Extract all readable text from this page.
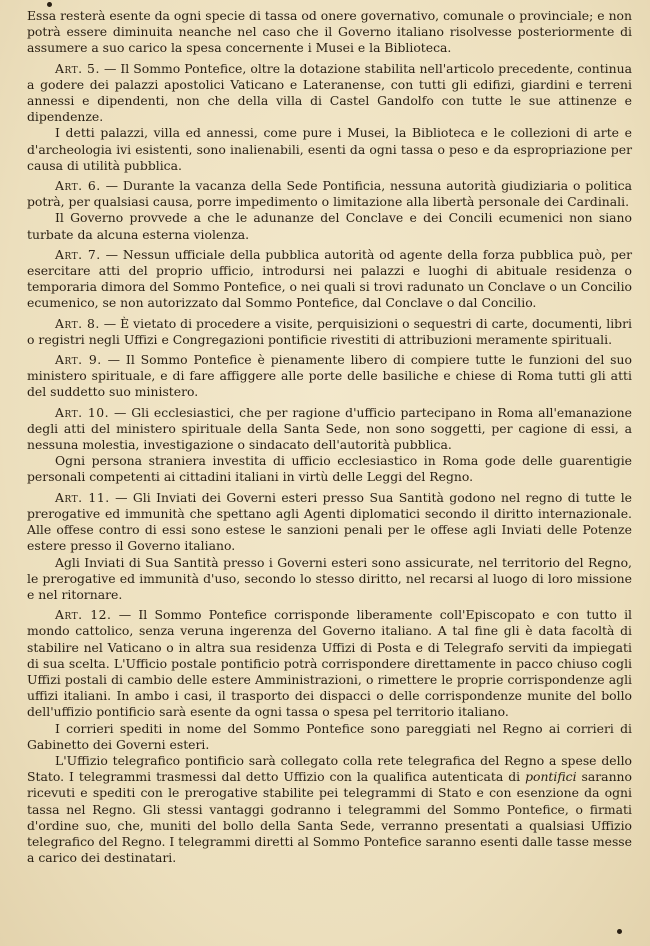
Essa resterà esente da ogni specie di tassa od onere governativo, comunale o provinciale; e non potrà essere diminuita neanche nel caso che il Governo italiano risolvesse posteriormente di assumere a suo carico la spesa concernente i Musei e la Biblioteca.

Art. 5. — Il Sommo Pontefice, oltre la dotazione stabilita nell'articolo precedente, continua a godere dei palazzi apostolici Vaticano e Lateranense, con tutti gli edifizi, giardini e terreni annessi e dipendenti, non che della villa di Castel Gandolfo con tutte le sue attinenze e dipendenze.

I detti palazzi, villa ed annessi, come pure i Musei, la Biblioteca e le collezioni di arte e d'archeologia ivi esistenti, sono inalienabili, esenti da ogni tassa o peso e da espropriazione per causa di utilità pubblica.

Art. 6. — Durante la vacanza della Sede Pontificia, nessuna autorità giudiziaria o politica potrà, per qualsiasi causa, porre impedimento o limitazione alla libertà personale dei Cardinali.

Il Governo provvede a che le adunanze del Conclave e dei Concili ecumenici non siano turbate da alcuna esterna violenza.

Art. 7. — Nessun ufficiale della pubblica autorità od agente della forza pubblica può, per esercitare atti del proprio ufficio, introdursi nei palazzi e luoghi di abituale residenza o temporaria dimora del Sommo Pontefice, o nei quali si trovi radunato un Conclave o un Concilio ecumenico, se non autorizzato dal Sommo Pontefice, dal Conclave o dal Concilio.

Art. 8. — È vietato di procedere a visite, perquisizioni o sequestri di carte, documenti, libri o registri negli Uffizi e Congregazioni pontificie rivestiti di attribuzioni meramente spirituali.

Art. 9. — Il Sommo Pontefice è pienamente libero di compiere tutte le funzioni del suo ministero spirituale, e di fare affiggere alle porte delle basiliche e chiese di Roma tutti gli atti del suddetto suo ministero.

Art. 10. — Gli ecclesiastici, che per ragione d'ufficio partecipano in Roma all'emanazione degli atti del ministero spirituale della Santa Sede, non sono soggetti, per cagione di essi, a nessuna molestia, investigazione o sindacato dell'autorità pubblica.

Ogni persona straniera investita di ufficio ecclesiastico in Roma gode delle guarentigie personali competenti ai cittadini italiani in virtù delle Leggi del Regno.

Art. 11. — Gli Inviati dei Governi esteri presso Sua Santità godono nel regno di tutte le prerogative ed immunità che spettano agli Agenti diplomatici secondo il diritto internazionale. Alle offese contro di essi sono estese le sanzioni penali per le offese agli Inviati delle Potenze estere presso il Governo italiano.

Agli Inviati di Sua Santità presso i Governi esteri sono assicurate, nel territorio del Regno, le prerogative ed immunità d'uso, secondo lo stesso diritto, nel recarsi al luogo di loro missione e nel ritornare.

Art. 12. — Il Sommo Pontefice corrisponde liberamente coll'Episcopato e con tutto il mondo cattolico, senza veruna ingerenza del Governo italiano. A tal fine gli è data facoltà di stabilire nel Vaticano o in altra sua residenza Uffizi di Posta e di Telegrafo serviti da impiegati di sua scelta. L'Ufficio postale pontificio potrà corrispondere direttamente in pacco chiuso cogli Uffizi postali di cambio delle estere Amministrazioni, o rimettere le proprie corrispondenze agli uffizi italiani. In ambo i casi, il trasporto dei dispacci o delle corrispondenze munite del bollo dell'uffizio pontificio sarà esente da ogni tassa o spesa pel territorio italiano.

I corrieri spediti in nome del Sommo Pontefice sono pareggiati nel Regno ai corrieri di Gabinetto dei Governi esteri.

L'Uffizio telegrafico pontificio sarà collegato colla rete telegrafica del Regno a spese dello Stato. I telegrammi trasmessi dal detto Uffizio con la qualifica autenticata di pontifici saranno ricevuti e spediti con le prerogative stabilite pei telegrammi di Stato e con esenzione da ogni tassa nel Regno. Gli stessi vantaggi godranno i telegrammi del Sommo Pontefice, o firmati d'ordine suo, che, muniti del bollo della Santa Sede, verranno presentati a qualsiasi Uffizio telegrafico del Regno. I telegrammi diretti al Sommo Pontefice saranno esenti dalle tasse messe a carico dei destinatari.
